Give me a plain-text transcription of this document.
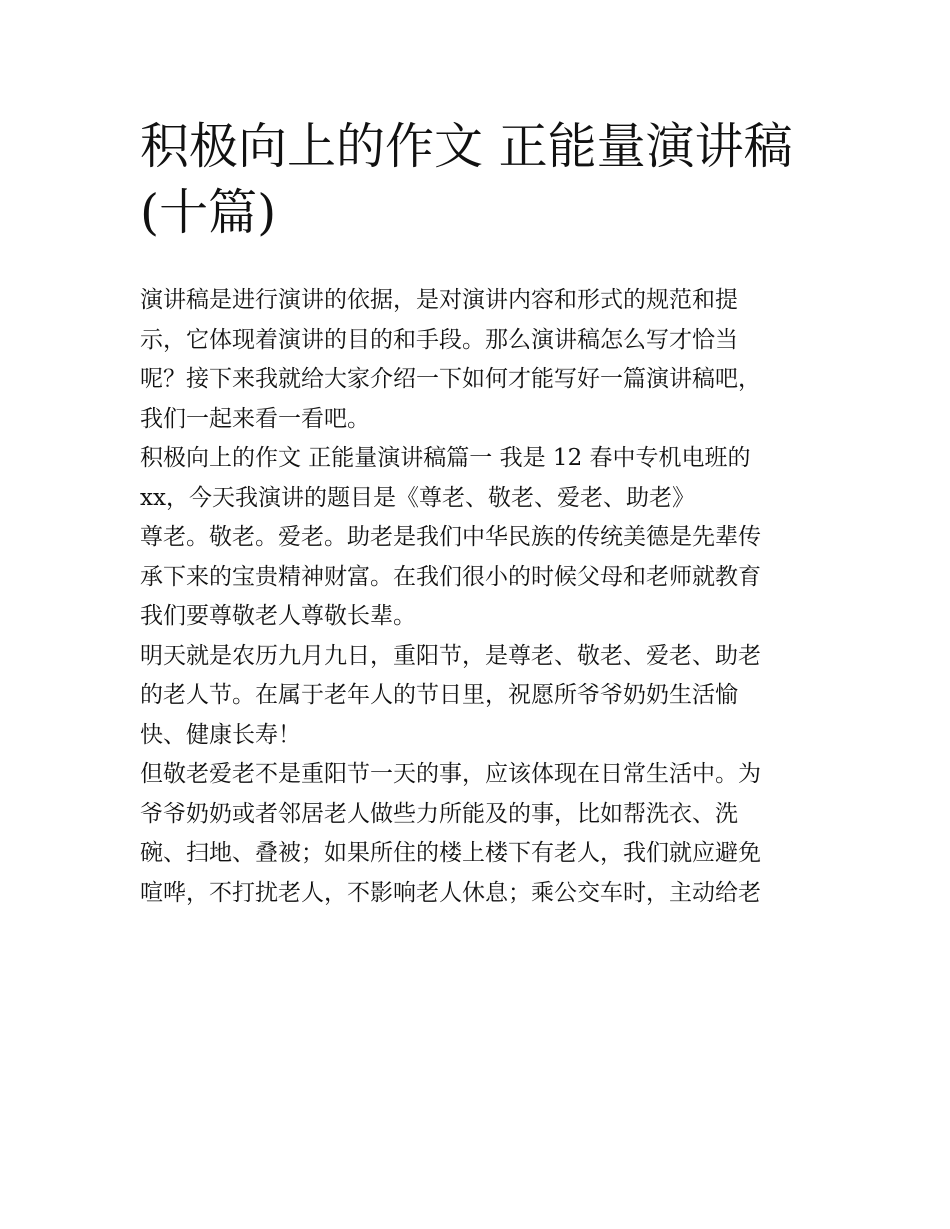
积极向上的作文 正能量演讲稿
(十篇)

演讲稿是进行演讲的依据，是对演讲内容和形式的规范和提

示，它体现着演讲的目的和手段。那么演讲稿怎么写才恰当

呢？接下来我就给大家介绍一下如何才能写好一篇演讲稿吧，

我们一起来看一看吧。

积极向上的作文 正能量演讲稿篇一 我是 12 春中专机电班的

xx，今天我演讲的题目是《尊老、敬老、爱老、助老》

尊老。敬老。爱老。助老是我们中华民族的传统美德是先辈传

承下来的宝贵精神财富。在我们很小的时候父母和老师就教育

我们要尊敬老人尊敬长辈。

明天就是农历九月九日，重阳节，是尊老、敬老、爱老、助老

的老人节。在属于老年人的节日里，祝愿所爷爷奶奶生活愉

快、健康长寿！

但敬老爱老不是重阳节一天的事，应该体现在日常生活中。为

爷爷奶奶或者邻居老人做些力所能及的事，比如帮洗衣、洗

碗、扫地、叠被；如果所住的楼上楼下有老人，我们就应避免

喧哗，不打扰老人，不影响老人休息；乘公交车时，主动给老
